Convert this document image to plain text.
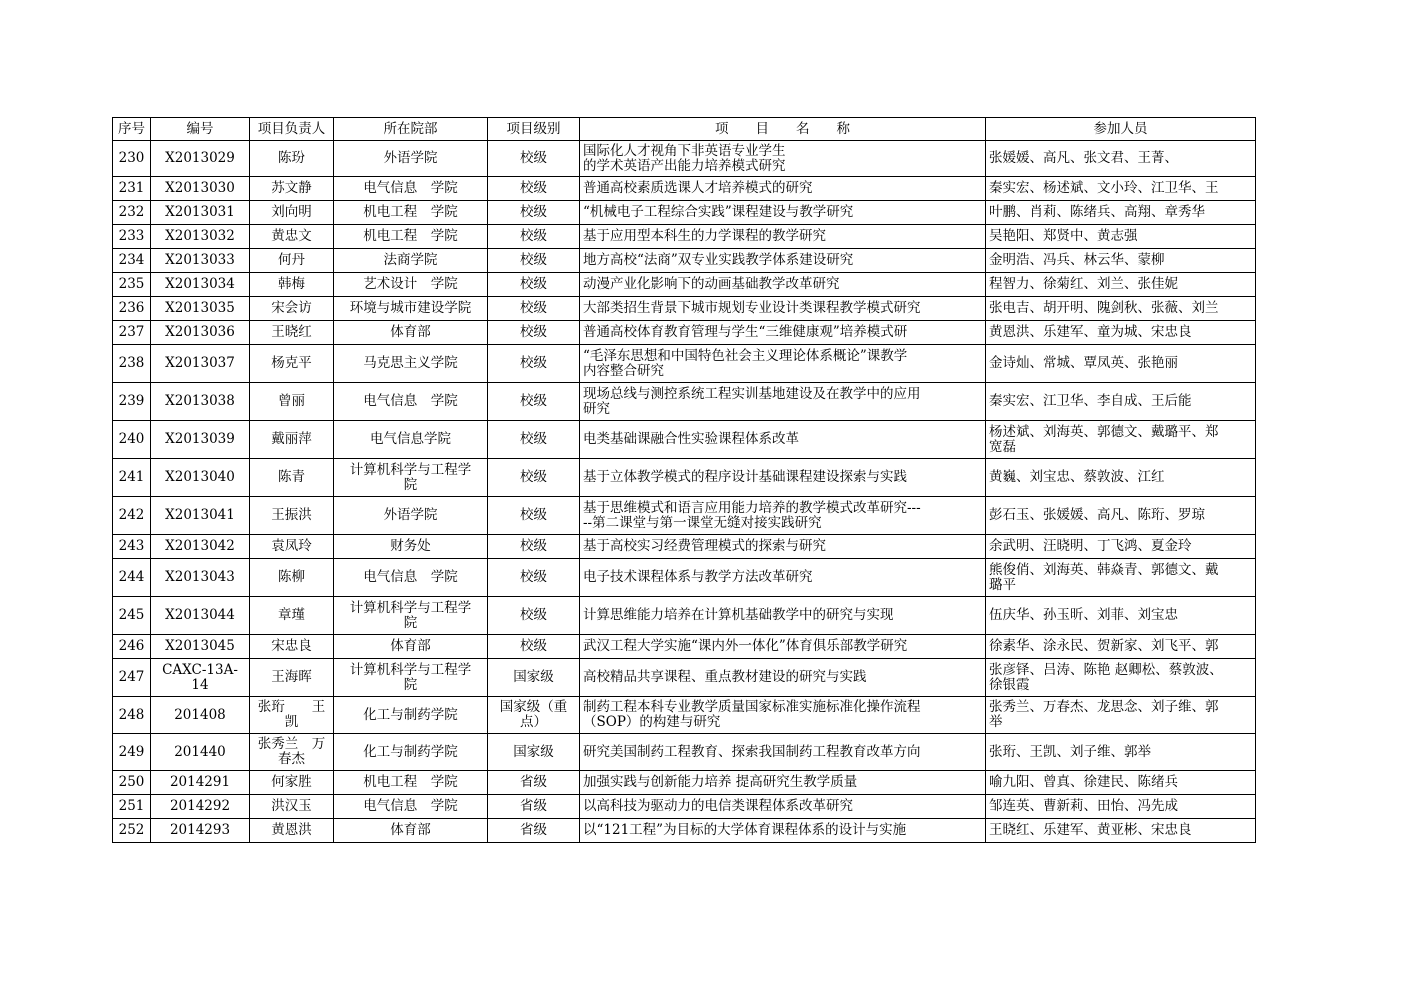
序号	编号	项目负责人	所在院部	项目级别	项　　目　　名　　称	参加人员
230	X2013029	陈玢	外语学院	校级	国际化人才视角下非英语专业学生
的学术英语产出能力培养模式研究	张媛媛、高凡、张文君、王菁、
231	X2013030	苏文静	电气信息　学院	校级	普通高校素质选课人才培养模式的研究	秦实宏、杨述斌、文小玲、江卫华、王
232	X2013031	刘向明	机电工程　学院	校级	“机械电子工程综合实践”课程建设与教学研究	叶鹏、肖莉、陈绪兵、高翔、章秀华
233	X2013032	黄忠文	机电工程　学院	校级	基于应用型本科生的力学课程的教学研究	吴艳阳、郑贤中、黄志强
234	X2013033	何丹	法商学院	校级	地方高校“法商”双专业实践教学体系建设研究	金明浩、冯兵、林云华、蒙柳
235	X2013034	韩梅	艺术设计　学院	校级	动漫产业化影响下的动画基础教学改革研究	程智力、徐菊红、刘兰、张佳妮
236	X2013035	宋会访	环境与城市建设学院	校级	大部类招生背景下城市规划专业设计类课程教学模式研究	张电吉、胡开明、隗剑秋、张薇、刘兰
237	X2013036	王晓红	体育部	校级	普通高校体育教育管理与学生“三维健康观”培养模式研	黄恩洪、乐建军、童为城、宋忠良
238	X2013037	杨克平	马克思主义学院	校级	“毛泽东思想和中国特色社会主义理论体系概论”课教学
内容整合研究	金诗灿、常城、覃凤英、张艳丽
239	X2013038	曾丽	电气信息　学院	校级	现场总线与测控系统工程实训基地建设及在教学中的应用
研究	秦实宏、江卫华、李自成、王后能
240	X2013039	戴丽萍	电气信息学院	校级	电类基础课融合性实验课程体系改革	杨述斌、刘海英、郭德文、戴璐平、郑
宽磊
241	X2013040	陈青	计算机科学与工程学
院	校级	基于立体教学模式的程序设计基础课程建设探索与实践	黄巍、刘宝忠、蔡敦波、江红
242	X2013041	王振洪	外语学院	校级	基于思维模式和语言应用能力培养的教学模式改革研究---
--第二课堂与第一课堂无缝对接实践研究	彭石玉、张媛媛、高凡、陈珩、罗琼
243	X2013042	袁凤玲	财务处	校级	基于高校实习经费管理模式的探索与研究	余武明、汪晓明、丁飞鸿、夏金玲
244	X2013043	陈柳	电气信息　学院	校级	电子技术课程体系与教学方法改革研究	熊俊俏、刘海英、韩焱青、郭德文、戴
璐平
245	X2013044	章瑾	计算机科学与工程学
院	校级	计算思维能力培养在计算机基础教学中的研究与实现	伍庆华、孙玉昕、刘菲、刘宝忠
246	X2013045	宋忠良	体育部	校级	武汉工程大学实施“课内外一体化”体育俱乐部教学研究	徐素华、涂永民、贺新家、刘飞平、郭
247	CAXC-13A-14	王海晖	计算机科学与工程学
院	国家级	高校精品共享课程、重点教材建设的研究与实践	张彦铎、吕涛、陈艳 赵卿松、蔡敦波、
徐银霞
248	201408	张珩　　王
凯	化工与制药学院	国家级（重
点）	制药工程本科专业教学质量国家标准实施标准化操作流程
（SOP）的构建与研究	张秀兰、万春杰、龙思念、刘子维、郭
举
249	201440	张秀兰　万
春杰	化工与制药学院	国家级	研究美国制药工程教育、探索我国制药工程教育改革方向	张珩、王凯、刘子维、郭举
250	2014291	何家胜	机电工程　学院	省级	加强实践与创新能力培养 提高研究生教学质量	喻九阳、曾真、徐建民、陈绪兵
251	2014292	洪汉玉	电气信息　学院	省级	以高科技为驱动力的电信类课程体系改革研究	邹连英、曹新莉、田怡、冯先成
252	2014293	黄恩洪	体育部	省级	以“121工程”为目标的大学体育课程体系的设计与实施	王晓红、乐建军、黄亚彬、宋忠良
